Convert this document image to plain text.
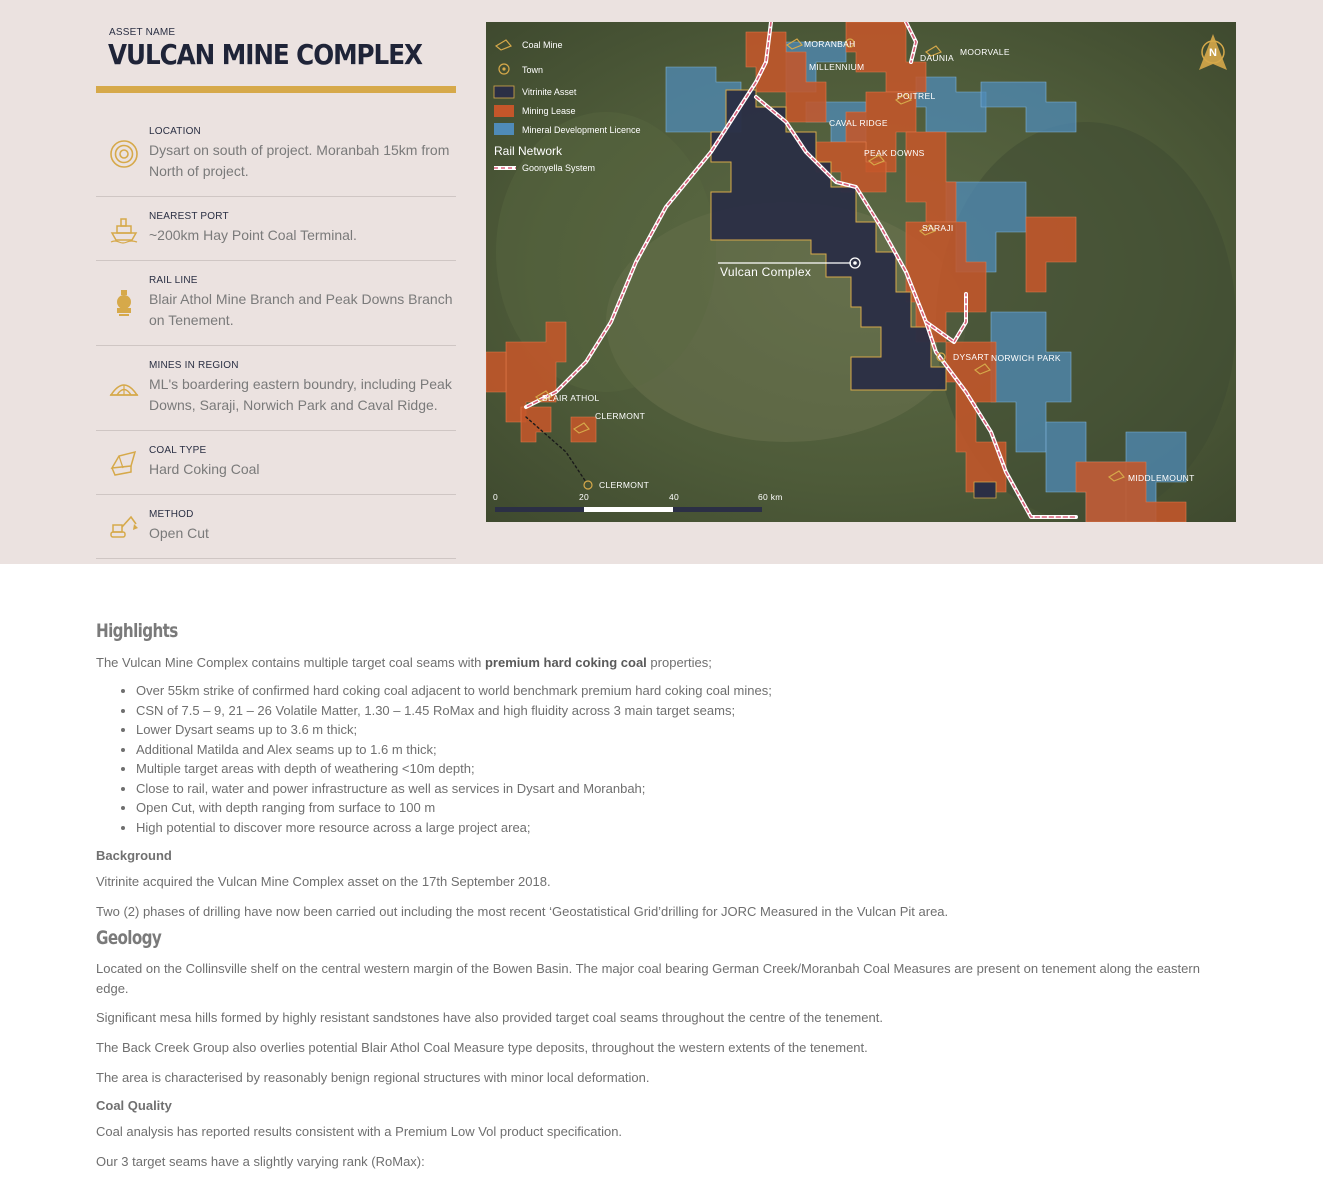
ASSET NAME
VULCAN MINE COMPLEX
LOCATION
Dysart on south of project. Moranbah 15km from North of project.
NEAREST PORT
~200km Hay Point Coal Terminal.
RAIL LINE
Blair Athol Mine Branch and Peak Downs Branch on Tenement.
MINES IN REGION
ML's boardering eastern boundry, including Peak Downs, Saraji, Norwich Park and Caval Ridge.
COAL TYPE
Hard Coking Coal
METHOD
Open Cut
Vulcan Complex
MORANBAH
MILLENNIUM
DAUNIA
MOORVALE
POITREL
CAVAL RIDGE
PEAK DOWNS
SARAJI
DYSART NORWICH PARK
BLAIR ATHOL
CLERMONT
CLERMONT
MIDDLEMOUNT
Coal Mine
Town
Vitrinite Asset
Mining Lease
Mineral Development Licence
Rail Network
Goonyella System
N
0	20	40	60 km
Highlights

The Vulcan Mine Complex contains multiple target coal seams with premium hard coking coal properties;

• Over 55km strike of confirmed hard coking coal adjacent to world benchmark premium hard coking coal mines;
• CSN of 7.5 – 9, 21 – 26 Volatile Matter, 1.30 – 1.45 RoMax and high fluidity across 3 main target seams;
• Lower Dysart seams up to 3.6 m thick;
• Additional Matilda and Alex seams up to 1.6 m thick;
• Multiple target areas with depth of weathering <10m depth;
• Close to rail, water and power infrastructure as well as services in Dysart and Moranbah;
• Open Cut, with depth ranging from surface to 100 m
• High potential to discover more resource across a large project area;
Background

Vitrinite acquired the Vulcan Mine Complex asset on the 17th September 2018.

Two (2) phases of drilling have now been carried out including the most recent ‘Geostatistical Grid’drilling for JORC Measured in the Vulcan Pit area.

Geology

Located on the Collinsville shelf on the central western margin of the Bowen Basin. The major coal bearing German Creek/Moranbah Coal Measures are present on tenement along the eastern edge.

Significant mesa hills formed by highly resistant sandstones have also provided target coal seams throughout the centre of the tenement.

The Back Creek Group also overlies potential Blair Athol Coal Measure type deposits, throughout the western extents of the tenement.

The area is characterised by reasonably benign regional structures with minor local deformation.

Coal Quality

Coal analysis has reported results consistent with a Premium Low Vol product specification.

Our 3 target seams have a slightly varying rank (RoMax):
